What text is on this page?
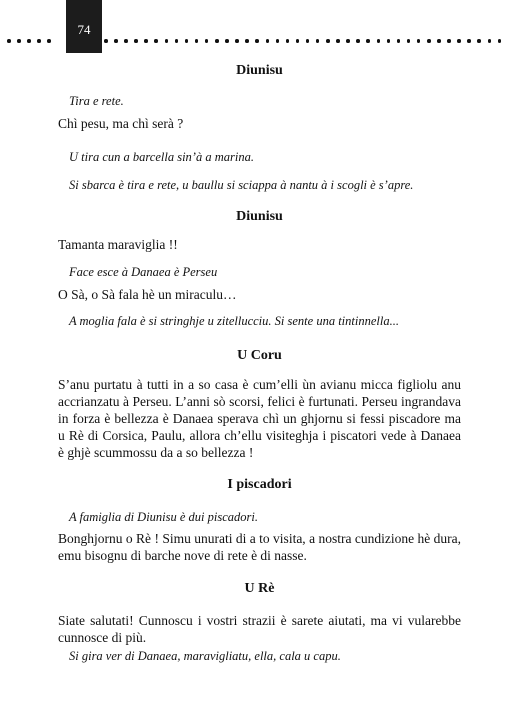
74
Diunisu
Tira e rete.
Chì pesu, ma chì serà ?
U tira cun a barcella sin’à a marina.
Si sbarca è tira e rete, u baullu si sciappa à nantu à i scogli è s’apre.
Diunisu
Tamanta maraviglia !!
Face esce à Danaea è Perseu
O Sà, o Sà fala hè un miraculu…
A moglia fala è si stringhje u zitellucciu. Si sente una tintinnella...
U Coru
S’anu purtatu à tutti in a so casa è cum’elli ùn avianu micca figliolu anu accrianzatu à Perseu. L’anni sò scorsi, felici è furtunati. Perseu ingrandava in forza è bellezza è Danaea sperava chì un ghjornu si fessi piscadore ma u Rè di Corsica, Paulu, allora ch’ellu visiteghja i piscatori vede à Danaea è ghjè scummossu da a so bellezza !
I piscadori
A famiglia di Diunisu è dui piscadori.
Bonghjornu o Rè ! Simu unurati di a to visita, a nostra cundizione hè dura, emu bisognu di barche nove di rete è di nasse.
U Rè
Siate salutati! Cunnoscu i vostri strazii è sarete aiutati, ma vi vularebbe cunnosce di più.
Si gira ver di Danaea, maravigliatu, ella, cala u capu.
